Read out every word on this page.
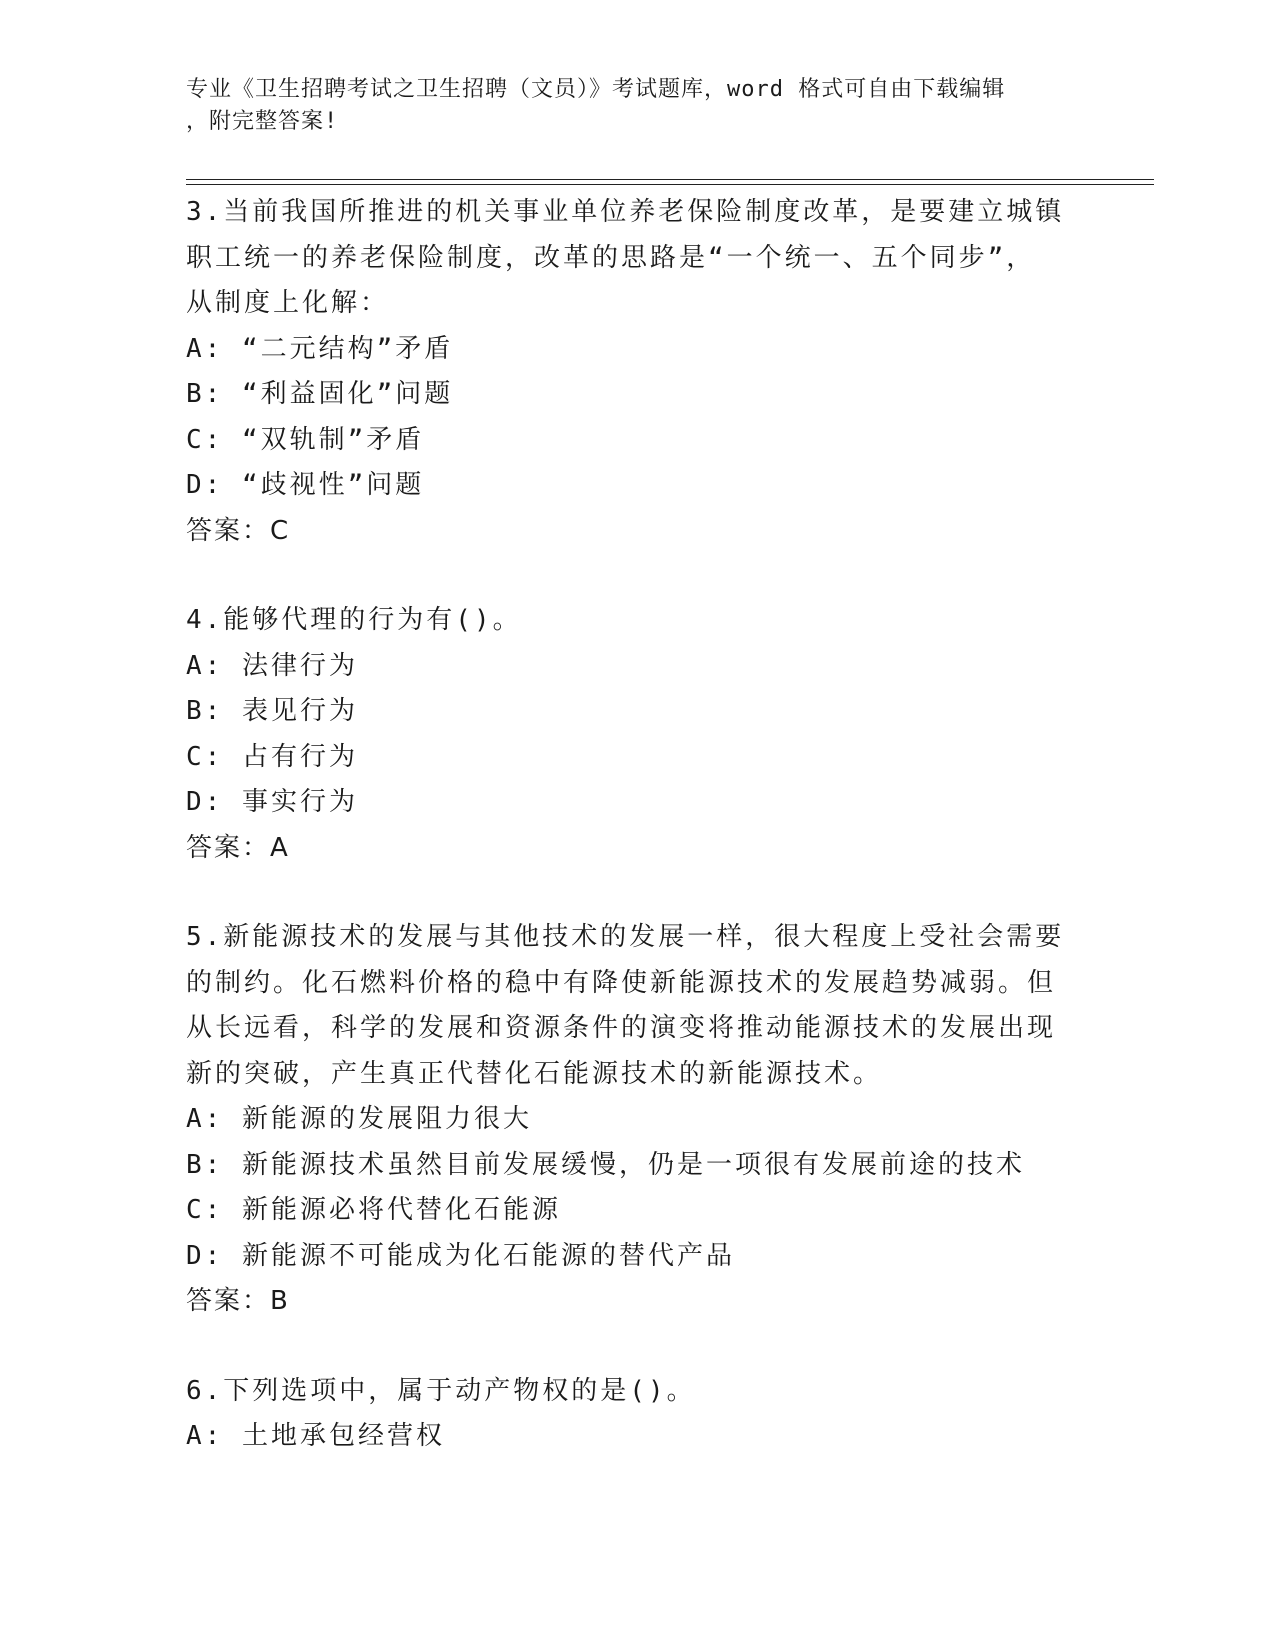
专业《卫生招聘考试之卫生招聘（文员）》考试题库，word 格式可自由下载编辑
，附完整答案!
3.当前我国所推进的机关事业单位养老保险制度改革，是要建立城镇
职工统一的养老保险制度，改革的思路是“一个统一、五个同步”，
从制度上化解：
A: “二元结构”矛盾
B: “利益固化”问题
C: “双轨制”矛盾
D: “歧视性”问题
答案：C
4.能够代理的行为有()。
A: 法律行为
B: 表见行为
C: 占有行为
D: 事实行为
答案：A
5.新能源技术的发展与其他技术的发展一样，很大程度上受社会需要
的制约。化石燃料价格的稳中有降使新能源技术的发展趋势减弱。但
从长远看，科学的发展和资源条件的演变将推动能源技术的发展出现
新的突破，产生真正代替化石能源技术的新能源技术。
A: 新能源的发展阻力很大
B: 新能源技术虽然目前发展缓慢，仍是一项很有发展前途的技术
C: 新能源必将代替化石能源
D: 新能源不可能成为化石能源的替代产品
答案：B
6.下列选项中，属于动产物权的是()。
A: 土地承包经营权
